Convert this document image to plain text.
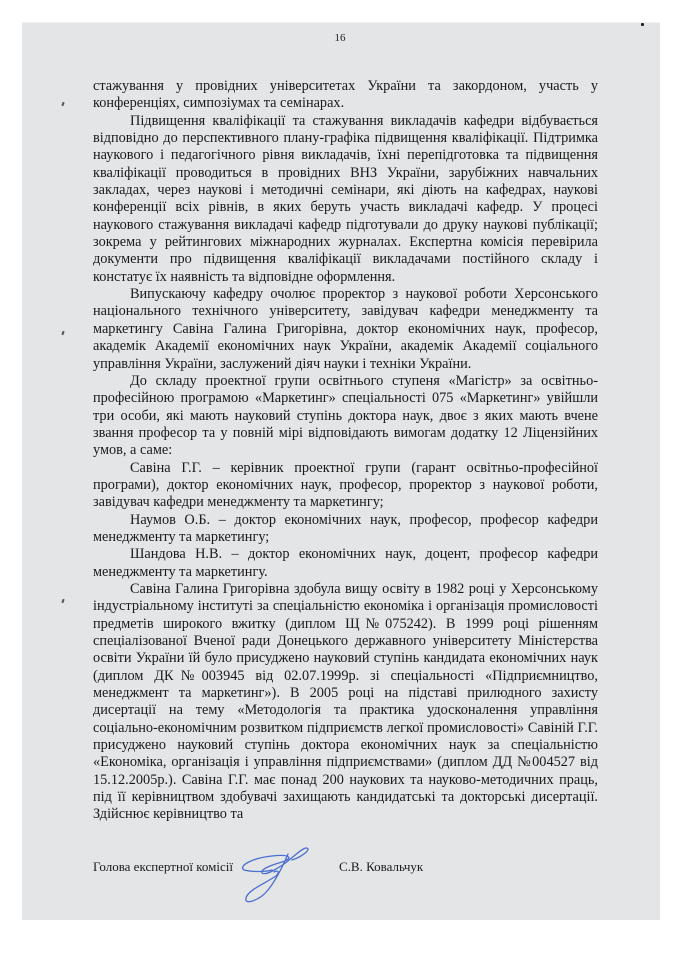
16

стажування у провідних університетах України та закордоном, участь у конференціях, симпозіумах та семінарах.

Підвищення кваліфікації та стажування викладачів кафедри відбувається відповідно до перспективного плану-графіка підвищення кваліфікації. Підтримка наукового і педагогічного рівня викладачів, їхні перепідготовка та підвищення кваліфікації проводиться в провідних ВНЗ України, зарубіжних навчальних закладах, через наукові і методичні семінари, які діють на кафедрах, наукові конференції всіх рівнів, в яких беруть участь викладачі кафедр. У процесі наукового стажування викладачі кафедр підготували до друку наукові публікації; зокрема у рейтингових міжнародних журналах. Експертна комісія перевірила документи про підвищення кваліфікації викладачами постійного складу і констатує їх наявність та відповідне оформлення.

Випускаючу кафедру очолює проректор з наукової роботи Херсонського національного технічного університету, завідувач кафедри менеджменту та маркетингу Савіна Галина Григорівна, доктор економічних наук, професор, академік Академії економічних наук України, академік Академії соціального управління України, заслужений діяч науки і техніки України.

До складу проектної групи освітнього ступеня «Магістр» за освітньо-професійною програмою «Маркетинг» спеціальності 075 «Маркетинг» увійшли три особи, які мають науковий ступінь доктора наук, двоє з яких мають вчене звання професор та у повній мірі відповідають вимогам додатку 12 Ліцензійних умов, а саме:

Савіна Г.Г. – керівник проектної групи (гарант освітньо-професійної програми), доктор економічних наук, професор, проректор з наукової роботи, завідувач кафедри менеджменту та маркетингу;

Наумов О.Б. – доктор економічних наук, професор, професор кафедри менеджменту та маркетингу;

Шандова Н.В. – доктор економічних наук, доцент, професор кафедри менеджменту та маркетингу.

Савіна Галина Григорівна здобула вищу освіту в 1982 році у Херсонському індустріальному інституті за спеціальністю економіка і організація промисловості предметів широкого вжитку (диплом Щ№075242). В 1999 році рішенням спеціалізованої Вченої ради Донецького державного університету Міністерства освіти України їй було присуджено науковий ступінь кандидата економічних наук (диплом ДК№003945 від 02.07.1999р. зі спеціальності «Підприємництво, менеджмент та маркетинг»). В 2005 році на підставі прилюдного захисту дисертації на тему «Методологія та практика удосконалення управління соціально-економічним розвитком підприємств легкої промисловості» Савіній Г.Г. присуджено науковий ступінь доктора економічних наук за спеціальністю «Економіка, організація і управління підприємствами» (диплом ДД №004527 від 15.12.2005р.). Савіна Г.Г. має понад 200 наукових та науково-методичних праць, під її керівництвом здобувачі захищають кандидатські та докторські дисертації. Здійснює керівництво та

Голова експертної комісії	С.В. Ковальчук
